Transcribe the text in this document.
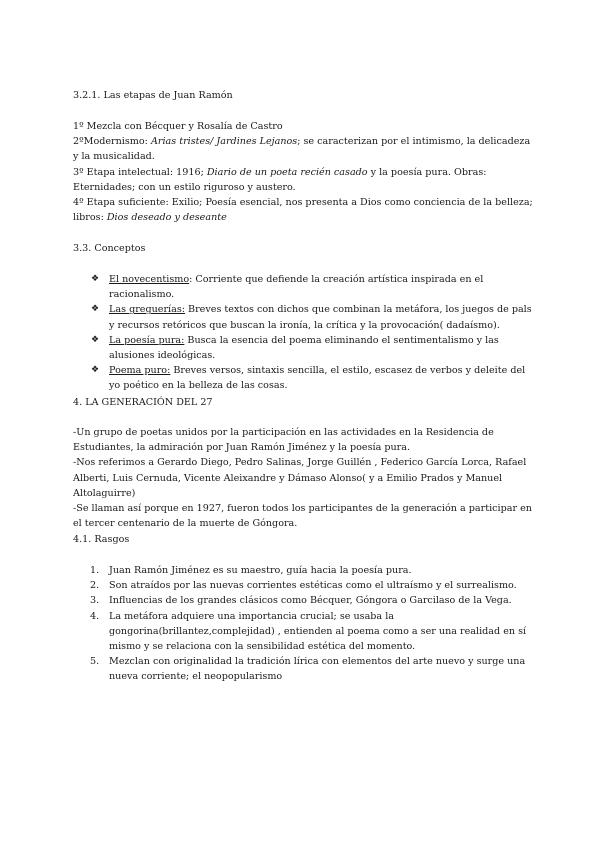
3.2.1. Las etapas de Juan Ramón

1º Mezcla con Bécquer y Rosalía de Castro

2ºModernismo: Arias tristes/ Jardines Lejanos; se caracterizan por el intimismo, la delicadeza y la musicalidad.

3º Etapa intelectual: 1916; Diario de un poeta recién casado y la poesía pura. Obras: Eternidades; con un estilo riguroso y austero.

4º Etapa suficiente: Exilio; Poesía esencial, nos presenta a Dios como conciencia de la belleza; libros: Dios deseado y deseante

3.3. Conceptos

❖ El novecentismo: Corriente que defiende la creación artística inspirada en el racionalismo.
❖ Las greguerías: Breves textos con dichos que combinan la metáfora, los juegos de pals y recursos retóricos que buscan la ironía, la crítica y la provocación( dadaísmo).
❖ La poesía pura: Busca la esencia del poema eliminando el sentimentalismo y las alusiones ideológicas.
❖ Poema puro: Breves versos, sintaxis sencilla, el estilo, escasez de verbos y deleite del yo poético en la belleza de las cosas.

4. LA GENERACIÓN DEL 27

-Un grupo de poetas unidos por la participación en las actividades en la Residencia de Estudiantes, la admiración por Juan Ramón Jiménez y la poesía pura.

-Nos referimos a Gerardo Diego, Pedro Salinas, Jorge Guillén , Federico García Lorca, Rafael Alberti, Luis Cernuda, Vicente Aleixandre y Dámaso Alonso( y a Emilio Prados y Manuel Altolaguirre)

-Se llaman así porque en 1927, fueron todos los participantes de la generación a participar en el tercer centenario de la muerte de Góngora.

4.1. Rasgos

1. Juan Ramón Jiménez es su maestro, guía hacia la poesía pura.
2. Son atraídos por las nuevas corrientes estéticas como el ultraísmo y el surrealismo.
3. Influencias de los grandes clásicos como Bécquer, Góngora o Garcilaso de la Vega.
4. La metáfora adquiere una importancia crucial; se usaba la gongorina(brillantez,complejidad) , entienden al poema como a ser una realidad en sí mismo y se relaciona con la sensibilidad estética del momento.
5. Mezclan con originalidad la tradición lírica con elementos del arte nuevo y surge una nueva corriente; el neopopularismo
